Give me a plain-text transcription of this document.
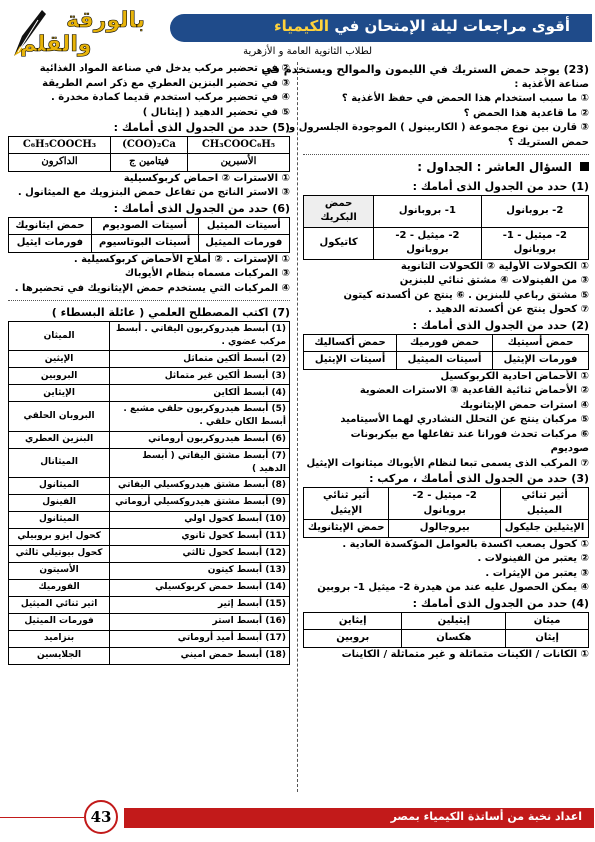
بالورقة
والقلم
أقوى مراجعات ليلة الإمتحان في الكيمياء
لطلاب الثانوية العامة و الأزهرية

(23) يوجد حمض الستريك في الليمون والموالح ويستخدم في

صناعة الأغذية :

① ما سبب استخدام هذا الحمض في حفظ الأغذية ؟

② ما قاعدية هذا الحمض ؟

③ قارن بين نوع مجموعة ( الكاربينول ) الموجودة الجلسرول و

حمض الستريك ؟

السؤال العاشر : الجداول :

(1) حدد من الجدول الذى أمامك :

2- بروبانول	1- بروبانول	حمض البكريك
2- ميثيل - 1- بروبانول	2- ميثيل - 2- بروبانول	كاتيكول

① الكحولات الأولية ② الكحولات الثانوية

③ من الفينولات ④ مشتق ثنائي للبنزين

⑤ مشتق رباعي للبنزين . ⑥ ينتج عن أكسدته كيتون

⑦ كحول ينتج عن أكسدته الدهيد .

(2) حدد من الجدول الذى أمامك :

حمض أسيتيك	حمض فورميك	حمض أكساليك
فورمات الإيثيل	أسيتات الميثيل	أسيتات الإيثيل

① الأحماض احادية الكربوكسيل

② الأحماض ثنائية القاعدية ③ الاسترات العضوية

④ استرات حمض الإيثانويك

⑤ مركبان ينتج عن التحلل النشادري لهما الأسيتاميد

⑥ مركبات تحدث فورانا عند تفاعلها مع بيكربونات

صوديوم

⑦ المركب الذى يسمى تبعا لنظام الأيوباك ميثانوات الإيثيل

(3) حدد من الجدول الذى أمامك ، مركب :

أثير ثنائي الميثيل	2- ميثيل - 2- بروبانول	أثير ثنائي الإيثيل
الإيثيلين جليكول	بيروجالول	حمض الإيثانويك

① كحول يصعب اكسدة بالعوامل المؤكسدة العادية .

② يعتبر من الفينولات .

③ يعتبر من الإيثرات .

④ يمكن الحصول عليه عند من هيدرة 2- ميثيل 1- بروبين

(4) حدد من الجدول الذى أمامك :

ميثان	إيثيلين	إيثاين
إيثان	هكسان	بروبين

① الكانات / الكينات متماثلة و غير متماثلة / الكاينات

② في تحضير مركب يدخل في صناعة المواد الغذائية

③ في تحضير البنزين العطري مع ذكر اسم الطريقة

④ في تحضير مركب استخدم قديما كمادة مخدرة .

⑤ في تحضير الدهيد ( إيثانال )

(5) حدد من الجدول الذى أمامك :

CH₃COOC₆H₅	(COO)₂Ca	C₆H₅COOCH₃
الأسبرين	فيتامين ج	الداكرون

① الاسترات ② احماض كربوكسيلية

③ الاستر الناتج من تفاعل حمض البنزويك مع الميثانول .

(6) حدد من الجدول الذى أمامك :

أسيتات الميثيل	أسيتات الصوديوم	حمض ايثانويك
فورمات الميثيل	أسيتات البوتاسيوم	فورمات ايثيل

① الإسترات . ② أملاح الأحماض كربوكسيلية .

③ المركبات مسماه بنظام الأيوباك

④ المركبات التي يستخدم حمض الإيثانويك في تحضيرها .

(7) اكتب المصطلح العلمي ( عائلة البسطاء )

(1) أبسط هيدروكربون اليفاتي . أبسط مركب عضوي .	الميثان
(2) أبسط ألكين متماثل	الإيثين
(3) أبسط ألكين غير متماثل	البروبين
(4) أبسط ألكاين	الإيثاين
(5) أبسط هيدروكربون حلقي مشبع . أبسط الكان حلقي .	البروبان الحلقي
(6) أبسط هيدروكربون أروماتي	البنزين العطري
(7) أبسط مشتق اليفاتي ( أبسط الدهيد )	الميثانال
(8) أبسط مشتق هيدروكسيلي اليفاتي	الميثانول
(9) أبسط مشتق هيدروكسيلي أروماتي	الفينول
(10) أبسط كحول اولي	الميثانول
(11) أبسط كحول ثانوي	كحول ايزو بروبيلي
(12) أبسط كحول ثالثي	كحول بيوتيلي ثالثي
(13) أبسط كيتون	الأسيتون
(14) أبسط حمض كربوكسيلي	الفورميك
(15) أبسط إثير	اثير ثنائي الميثيل
(16) أبسط استر	فورمات الميثيل
(17) أبسط أميد أروماتي	بنزاميد
(18) أبسط حمض اميني	الجلايسين
43	اعداد نخبة من أساتذة الكيمياء بمصر
